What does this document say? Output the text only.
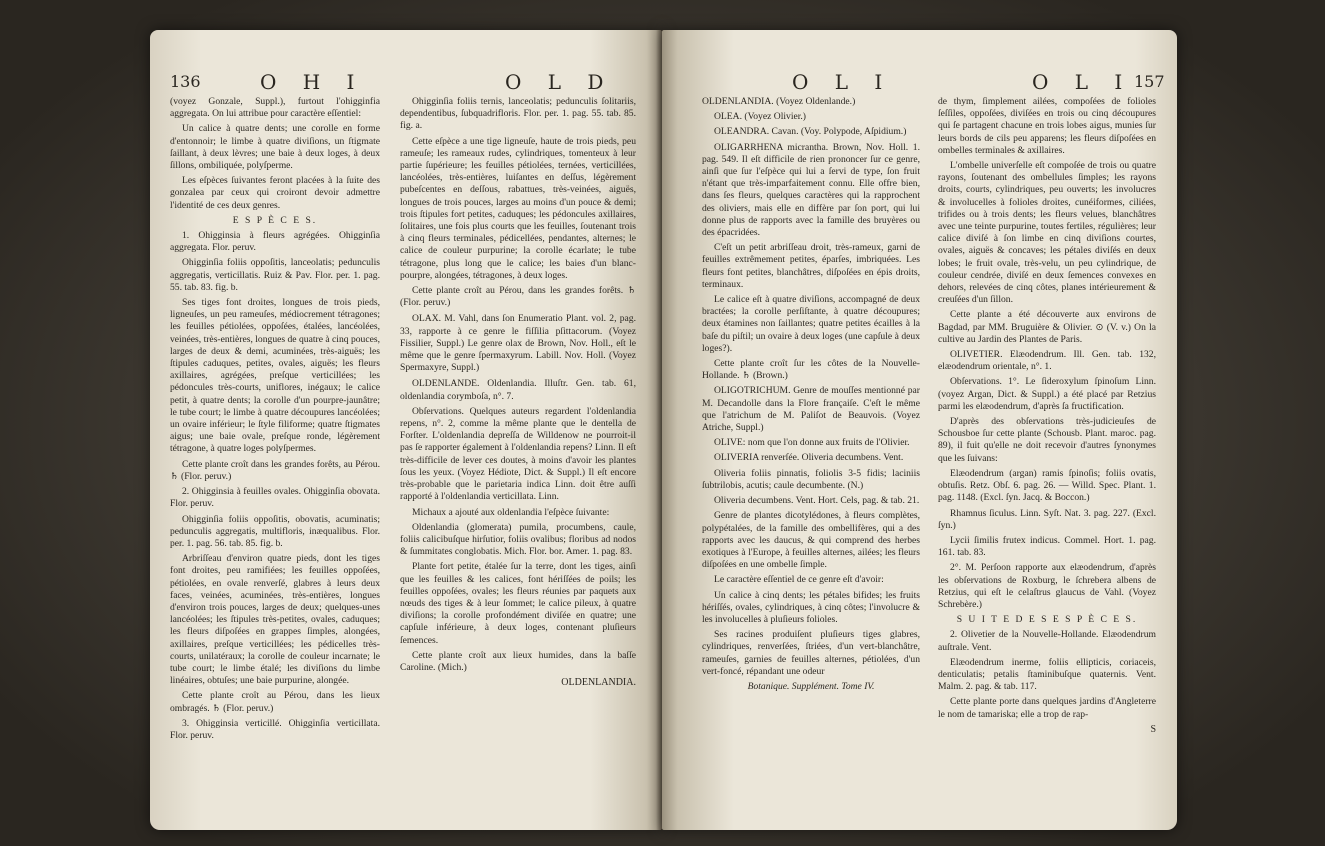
136	O H I	O L D

(voyez Gonzale, Suppl.), furtout l'ohigginfia aggregata. On lui attribue pour caractère eſſentiel:

Un calice à quatre dents; une corolle en forme d'entonnoir; le limbe à quatre diviſions, un ſtigmate ſaillant, à deux lèvres; une baie à deux loges, à deux ſillons, ombiliquée, polyſperme.

Les eſpèces ſuivantes feront placées à la ſuite des gonzalea par ceux qui croiront devoir admettre l'identité de ces deux genres.

E S P È C E S.

1. Ohigginsia à fleurs agrégées. Ohigginſia aggregata. Flor. peruv.

Ohigginſia foliis oppoſitis, lanceolatis; pedunculis aggregatis, verticillatis. Ruiz & Pav. Flor. per. 1. pag. 55. tab. 83. fig. b.

Ses tiges font droites, longues de trois pieds, ligneuſes, un peu rameuſes, médiocrement tétragones; les feuilles pétiolées, oppoſées, étalées, lancéolées, veinées, très-entières, longues de quatre à cinq pouces, larges de deux & demi, acuminées, très-aiguës; les ſtipules caduques, petites, ovales, aiguës; les fleurs axillaires, agrégées, preſque verticillées; les pédoncules très-courts, uniflores, inégaux; le calice petit, à quatre dents; la corolle d'un pourpre-jaunâtre; le tube court; le limbe à quatre découpures lancéolées; un ovaire inférieur; le ſtyle filiforme; quatre ſtigmates aigus; une baie ovale, preſque ronde, légèrement tétragone, à quatre loges polyſpermes.

Cette plante croît dans les grandes forêts, au Pérou. ♄ (Flor. peruv.)

2. Ohigginsia à feuilles ovales. Ohigginſia obovata. Flor. peruv.

Ohigginſia foliis oppoſitis, obovatis, acuminatis; pedunculis aggregatis, multifloris, inæqualibus. Flor. per. 1. pag. 56. tab. 85. fig. b.

Arbriſſeau d'environ quatre pieds, dont les tiges font droites, peu ramifiées; les feuilles oppoſées, pétiolées, en ovale renverſé, glabres à leurs deux faces, veinées, acuminées, très-entières, longues d'environ trois pouces, larges de deux; quelques-unes lancéolées; les ſtipules très-petites, ovales, caduques; les fleurs diſpoſées en grappes ſimples, alongées, axillaires, preſque verticillées; les pédicelles très-courts, unilatéraux; la corolle de couleur incarnate; le tube court; le limbe étalé; les diviſions du limbe linéaires, obtuſes; une baie purpurine, alongée.

Cette plante croît au Pérou, dans les lieux ombragés. ♄ (Flor. peruv.)

3. Ohigginsia verticillé. Ohigginſia verticillata. Flor. peruv.

Ohigginſia foliis ternis, lanceolatis; pedunculis ſolitariis, dependentibus, ſubquadrifloris. Flor. per. 1. pag. 55. tab. 85. fig. a.

Cette eſpèce a une tige ligneuſe, haute de trois pieds, peu rameuſe; les rameaux rudes, cylindriques, tomenteux à leur partie ſupérieure; les feuilles pétiolées, ternées, verticillées, lancéolées, très-entières, luiſantes en deſſus, légèrement pubeſcentes en deſſous, rabattues, très-veinées, aiguës, longues de trois pouces, larges au moins d'un pouce & demi; trois ſtipules fort petites, caduques; les pédoncules axillaires, ſolitaires, une fois plus courts que les feuilles, ſoutenant trois à cinq fleurs terminales, pédicellées, pendantes, alternes; le calice de couleur purpurine; la corolle écarlate; le tube tétragone, plus long que le calice; les baies d'un blanc-pourpre, alongées, tétragones, à deux loges.

Cette plante croît au Pérou, dans les grandes forêts. ♄ (Flor. peruv.)

OLAX. M. Vahl, dans ſon Enumeratio Plant. vol. 2, pag. 33, rapporte à ce genre le fiſſilia pſittacorum. (Voyez Fissilier, Suppl.) Le genre olax de Brown, Nov. Holl., eſt le même que le genre ſpermaxyrum. Labill. Nov. Holl. (Voyez Spermaxyre, Suppl.)

OLDENLANDE. Oldenlandia. Illuſtr. Gen. tab. 61, oldenlandia corymboſa, n°. 7.

Obſervations. Quelques auteurs regardent l'oldenlandia repens, n°. 2, comme la même plante que le dentella de Forſter. L'oldenlandia depreſſa de Willdenow ne pourroit-il pas ſe rapporter également à l'oldenlandia repens? Linn. Il eſt très-difficile de lever ces doutes, à moins d'avoir les plantes ſous les yeux. (Voyez Hédiote, Dict. & Suppl.) Il eſt encore très-probable que le parietaria indica Linn. doit être auſſi rapporté à l'oldenlandia verticillata. Linn.

Michaux a ajouté aux oldenlandia l'eſpèce ſuivante:

Oldenlandia (glomerata) pumila, procumbens, caule, foliis calicibuſque hirſutior, foliis ovalibus; floribus ad nodos & ſummitates conglobatis. Mich. Flor. bor. Amer. 1. pag. 83.

Plante fort petite, étalée ſur la terre, dont les tiges, ainſi que les feuilles & les calices, font hériſſées de poils; les feuilles oppoſées, ovales; les fleurs réunies par paquets aux nœuds des tiges & à leur ſommet; le calice pileux, à quatre diviſions; la corolle profondément diviſée en quatre; une capſule inférieure, à deux loges, contenant pluſieurs ſemences.

Cette plante croît aux lieux humides, dans la baſſe Caroline. (Mich.)

OLDENLANDIA.

O L I	O L I 157

OLDENLANDIA. (Voyez Oldenlande.)

OLEA. (Voyez Olivier.)

OLEANDRA. Cavan. (Voy. Polypode, Aſpidium.)

OLIGARRHENA micrantha. Brown, Nov. Holl. 1. pag. 549. Il eſt difficile de rien prononcer ſur ce genre, ainſi que ſur l'eſpèce qui lui a ſervi de type, ſon fruit n'étant que très-imparfaitement connu. Elle offre bien, dans ſes fleurs, quelques caractères qui la rapprochent des oliviers, mais elle en diffère par ſon port, qui lui donne plus de rapports avec la famille des bruyères ou des épacridées.

C'eſt un petit arbriſſeau droit, très-rameux, garni de feuilles extrêmement petites, éparſes, imbriquées. Les fleurs font petites, blanchâtres, diſpoſées en épis droits, terminaux.

Le calice eſt à quatre diviſions, accompagné de deux bractées; la corolle perſiſtante, à quatre découpures; deux étamines non ſaillantes; quatre petites écailles à la baſe du piſtil; un ovaire à deux loges (une capſule à deux loges?).

Cette plante croît ſur les côtes de la Nouvelle-Hollande. ♄ (Brown.)

OLIGOTRICHUM. Genre de mouſſes mentionné par M. Decandolle dans la Flore françaiſe. C'eſt le même que l'atrichum de M. Paliſot de Beauvois. (Voyez Atriche, Suppl.)

OLIVE: nom que l'on donne aux fruits de l'Olivier.

OLIVERIA renverſée. Oliveria decumbens. Vent.

Oliveria foliis pinnatis, foliolis 3-5 fidis; laciniis ſubtrilobis, acutis; caule decumbente. (N.)

Oliveria decumbens. Vent. Hort. Cels, pag. & tab. 21.

Genre de plantes dicotylédones, à fleurs complètes, polypétalées, de la famille des ombellifères, qui a des rapports avec les daucus, & qui comprend des herbes exotiques à l'Europe, à feuilles alternes, ailées; les fleurs diſpoſées en une ombelle ſimple.

Le caractère eſſentiel de ce genre eſt d'avoir:

Un calice à cinq dents; les pétales bifides; les fruits hériſſés, ovales, cylindriques, à cinq côtes; l'involucre & les involucelles à pluſieurs folioles.

Ses racines produiſent pluſieurs tiges glabres, cylindriques, renverſées, ſtriées, d'un vert-blanchâtre, rameuſes, garnies de feuilles alternes, pétiolées, d'un vert-foncé, répandant une odeur

Botanique. Supplément. Tome IV.

de thym, ſimplement ailées, compoſées de folioles ſeſſiles, oppoſées, diviſées en trois ou cinq découpures qui ſe partagent chacune en trois lobes aigus, munies ſur leurs bords de cils peu apparens; les fleurs diſpoſées en ombelles terminales & axillaires.

L'ombelle univerſelle eſt compoſée de trois ou quatre rayons, ſoutenant des ombellules ſimples; les rayons droits, courts, cylindriques, peu ouverts; les involucres & involucelles à folioles droites, cunéiformes, ciliées, trifides ou à trois dents; les fleurs velues, blanchâtres avec une teinte purpurine, toutes fertiles, régulières; leur calice diviſé à ſon limbe en cinq diviſions courtes, ovales, aiguës & concaves; les pétales diviſés en deux lobes; le fruit ovale, très-velu, un peu cylindrique, de couleur cendrée, diviſé en deux ſemences convexes en dehors, relevées de cinq côtes, planes intérieurement & creuſées d'un ſillon.

Cette plante a été découverte aux environs de Bagdad, par MM. Bruguière & Olivier. ⊙ (V. v.) On la cultive au Jardin des Plantes de Paris.

OLIVETIER. Elæodendrum. Ill. Gen. tab. 132, elæodendrum orientale, n°. 1.

Obſervations. 1°. Le ſideroxylum ſpinoſum Linn. (voyez Argan, Dict. & Suppl.) a été placé par Retzius parmi les elæodendrum, d'après ſa fructification.

D'après des obſervations très-judicieuſes de Schousboe ſur cette plante (Schousb. Plant. maroc. pag. 89), il fuit qu'elle ne doit recevoir d'autres ſynonymes que les ſuivans:

Elæodendrum (argan) ramis ſpinoſis; foliis ovatis, obtuſis. Retz. Obſ. 6. pag. 26. — Willd. Spec. Plant. 1. pag. 1148. (Excl. ſyn. Jacq. & Boccon.)

Rhamnus ſiculus. Linn. Syſt. Nat. 3. pag. 227. (Excl. ſyn.)

Lycii ſimilis frutex indicus. Commel. Hort. 1. pag. 161. tab. 83.

2°. M. Perſoon rapporte aux elæodendrum, d'après les obſervations de Roxburg, le ſchrebera albens de Retzius, qui eſt le celaſtrus glaucus de Vahl. (Voyez Schrebère.)

S U I T E D E S E S P È C E S.

2. Olivetier de la Nouvelle-Hollande. Elæodendrum auſtrale. Vent.

Elæodendrum inerme, foliis ellipticis, coriaceis, denticulatis; petalis ſtaminibuſque quaternis. Vent. Malm. 2. pag. & tab. 117.

Cette plante porte dans quelques jardins d'Angleterre le nom de tamariska; elle a trop de rap-

S
